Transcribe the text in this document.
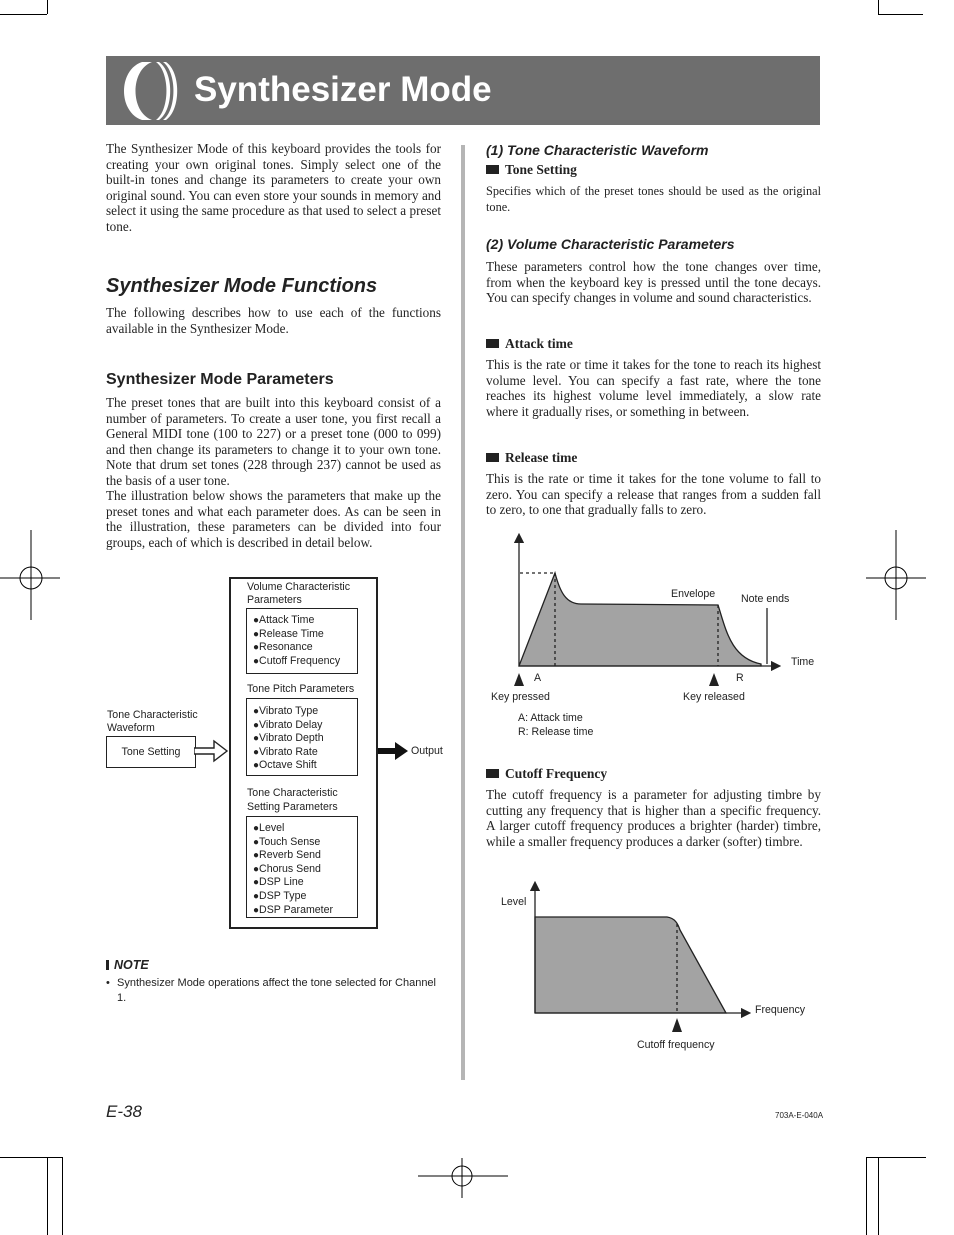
Synthesizer Mode
The Synthesizer Mode of this keyboard provides the tools for creating your own original tones. Simply select one of the built-in tones and change its parameters to create your own original sound. You can even store your sounds in memory and select it using the same procedure as that used to select a preset tone.
Synthesizer Mode Functions
The following describes how to use each of the functions available in the Synthesizer Mode.
Synthesizer Mode Parameters
The preset tones that are built into this keyboard consist of a number of parameters. To create a user tone, you first recall a General MIDI tone (100 to 227) or a preset tone (000 to 099) and then change its parameters to change it to your own tone. Note that drum set tones (228 through 237) cannot be used as the basis of a user tone.
The illustration below shows the parameters that make up the preset tones and what each parameter does. As can be seen in the illustration, these parameters can be divided into four groups, each of which is described in detail below.
Tone Characteristic Waveform
Tone Setting
Volume Characteristic Parameters
● Attack Time
● Release Time
● Resonance
● Cutoff Frequency
Tone Pitch Parameters
● Vibrato Type
● Vibrato Delay
● Vibrato Depth
● Vibrato Rate
● Octave Shift
Tone Characteristic Setting Parameters
● Level
● Touch Sense
● Reverb Send
● Chorus Send
● DSP Line
● DSP Type
● DSP Parameter
Output
NOTE
• Synthesizer Mode operations affect the tone selected for Channel 1.
(1) Tone Characteristic Waveform
Tone Setting
Specifies which of the preset tones should be used as the original tone.
(2) Volume Characteristic Parameters
These parameters control how the tone changes over time, from when the keyboard key is pressed until the tone decays. You can specify changes in volume and sound characteristics.
Attack time
This is the rate or time it takes for the tone to reach its highest volume level. You can specify a fast rate, where the tone reaches its highest volume level immediately, a slow rate where it gradually rises, or something in between.
Release time
This is the rate or time it takes for the tone volume to fall to zero. You can specify a release that ranges from a sudden fall to zero, to one that gradually falls to zero.
Envelope Note ends
Time
A	R
Key pressed	Key released
A: Attack time
R: Release time
Cutoff Frequency
The cutoff frequency is a parameter for adjusting timbre by cutting any frequency that is higher than a specific frequency. A larger cutoff frequency produces a brighter (harder) timbre, while a smaller frequency produces a darker (softer) timbre.
Level
Frequency
Cutoff frequency
E-38	703A-E-040A
